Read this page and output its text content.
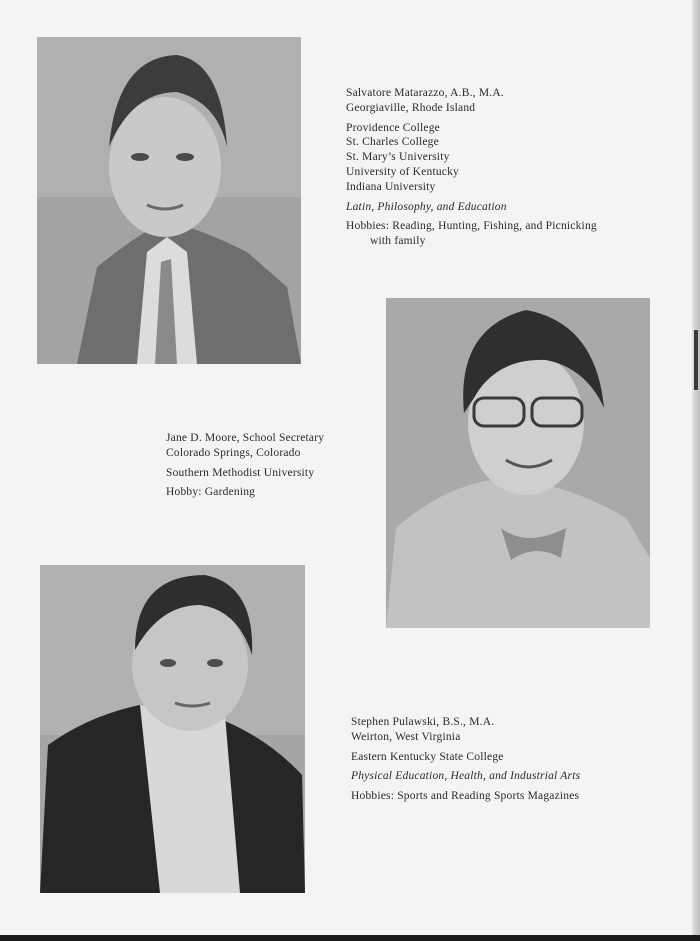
Salvatore Matarazzo, A.B., M.A.
Georgiaville, Rhode Island
Providence College
St. Charles College
St. Mary’s University
University of Kentucky
Indiana University
Latin, Philosophy, and Education
Hobbies: Reading, Hunting, Fishing, and Picnicking
with family
Jane D. Moore, School Secretary
Colorado Springs, Colorado
Southern Methodist University
Hobby: Gardening
Stephen Pulawski, B.S., M.A.
Weirton, West Virginia
Eastern Kentucky State College
Physical Education, Health, and Industrial Arts
Hobbies: Sports and Reading Sports Magazines
